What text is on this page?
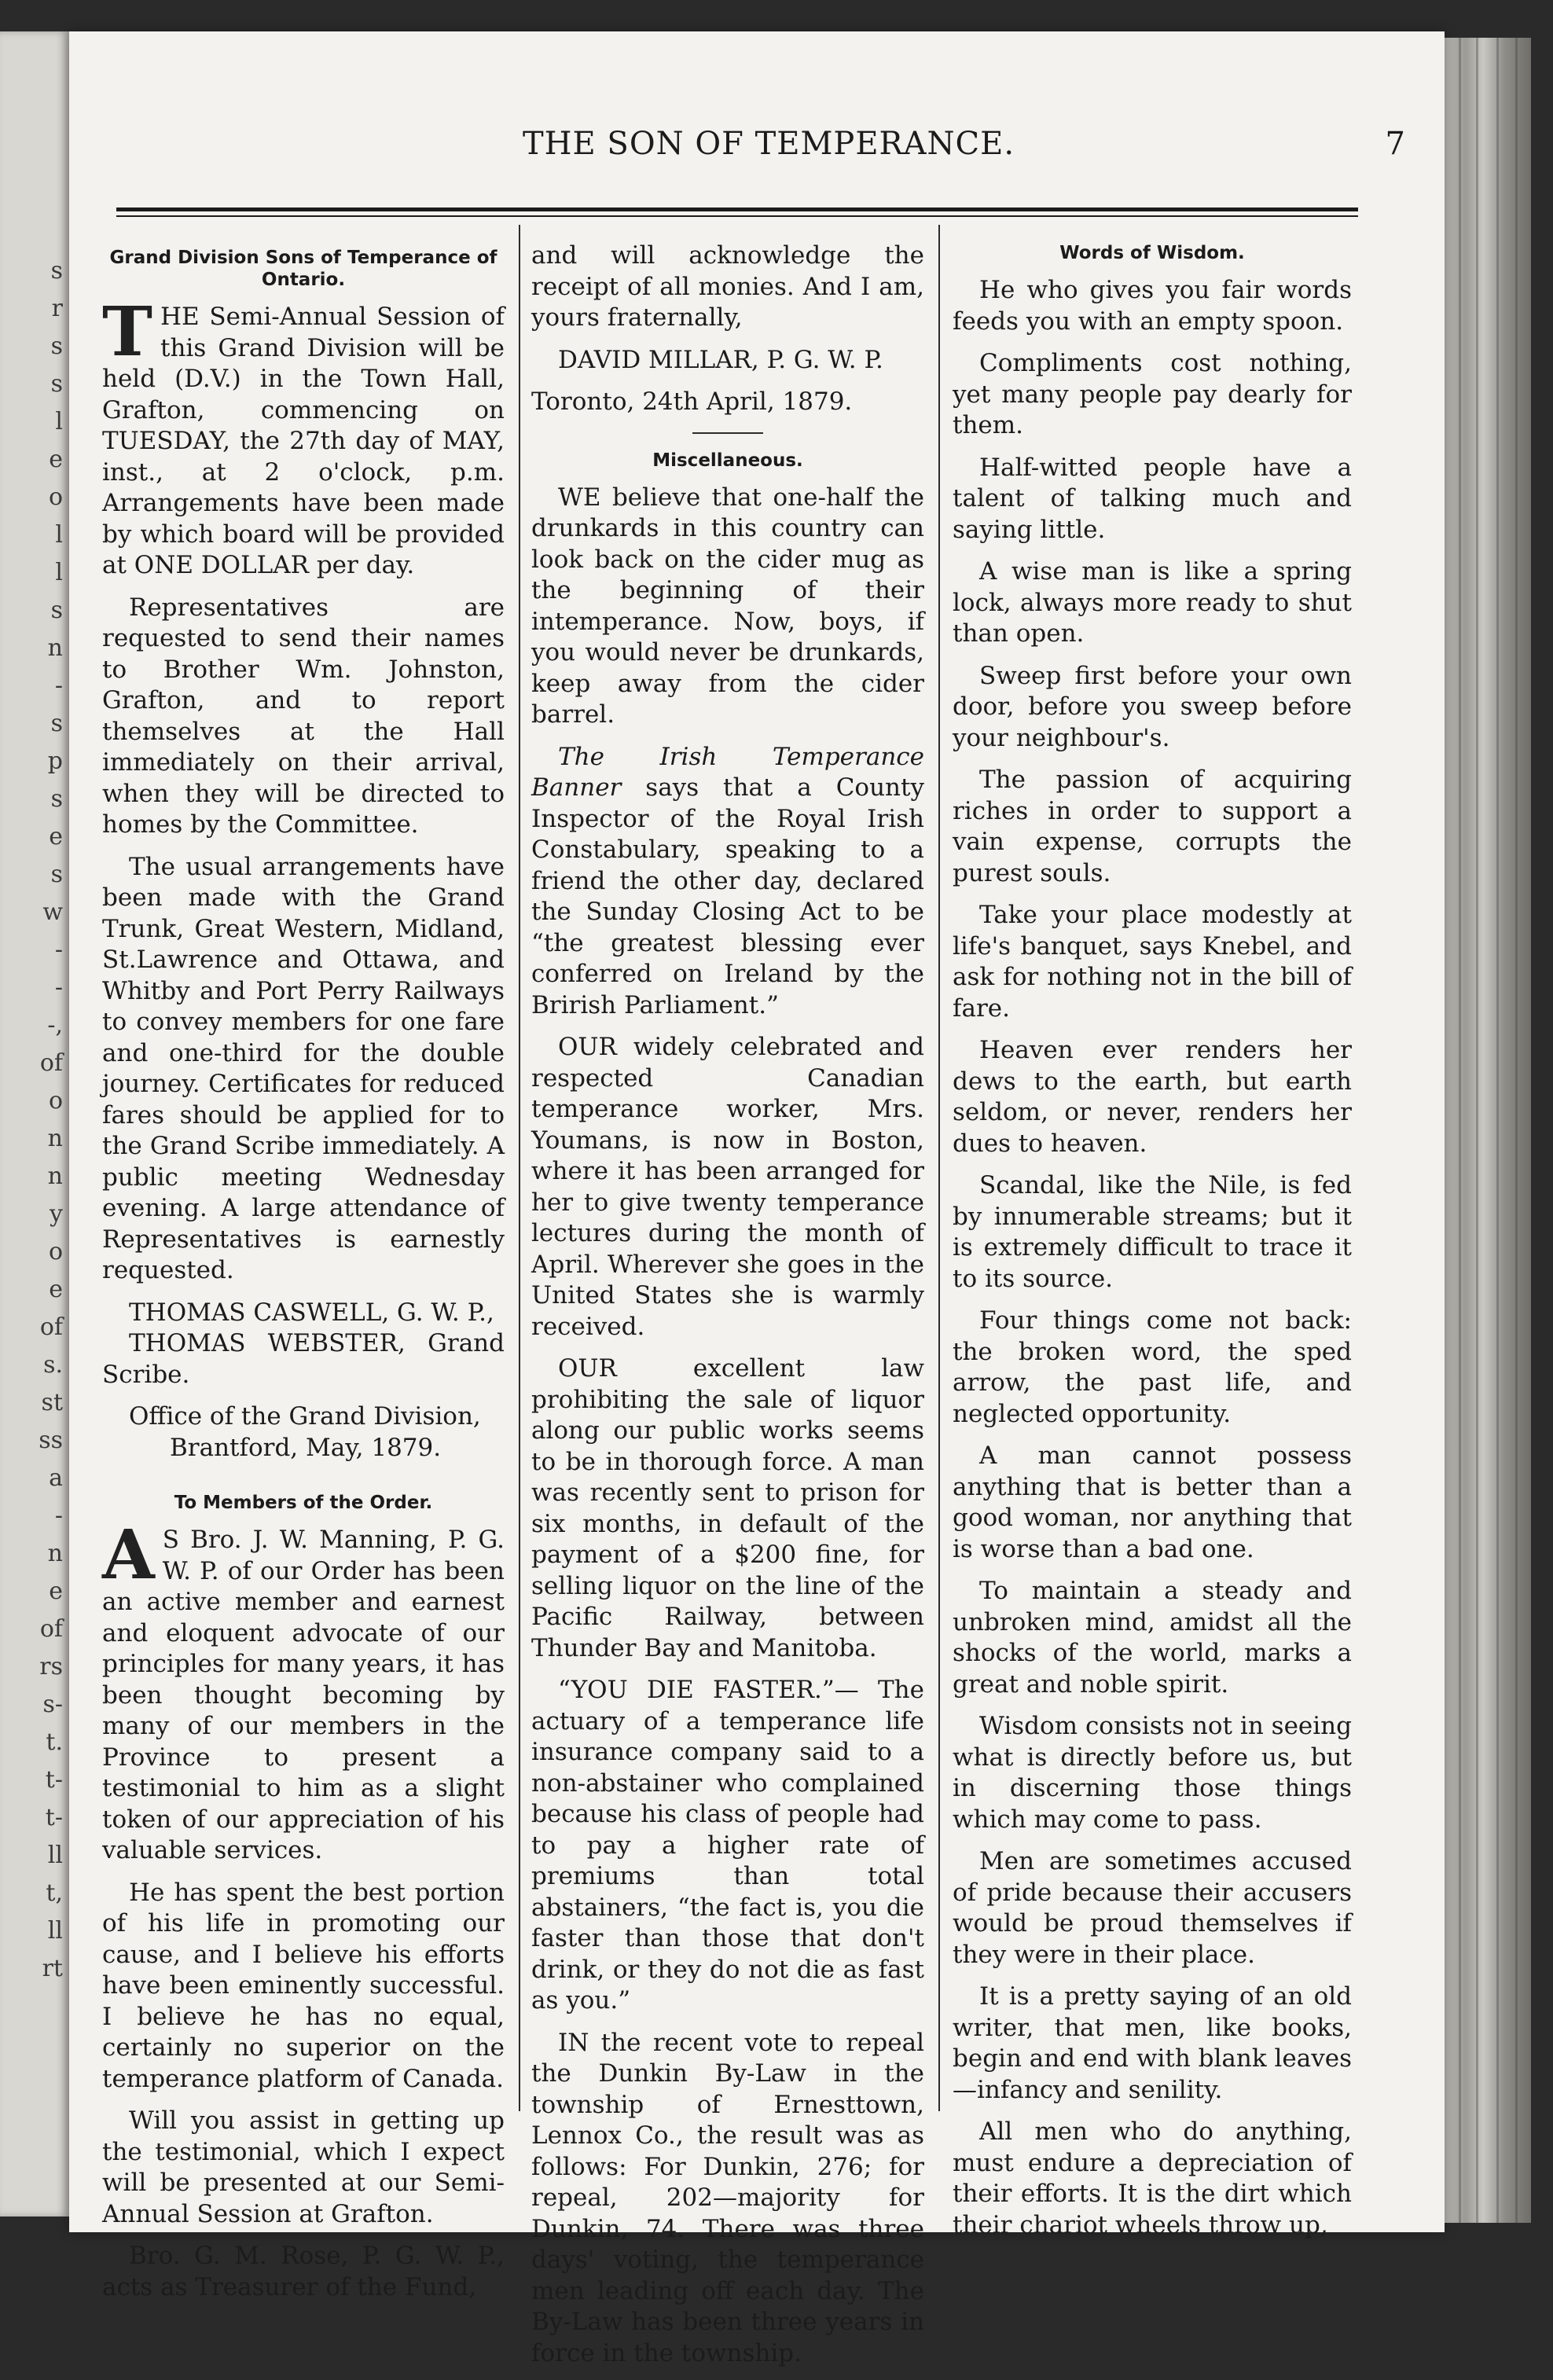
s
r
s
s
l
e
o
l
l
s
n
-
s
p
s
e
s
w
-
-
-,
of
o
n
n
y
o
e
of
s.
st
ss
a
-
n
e
of
rs
s-
t.
t-
t-
ll
t,
ll
rt
THE SON OF TEMPERANCE.	7
Grand Division Sons of Temperance of Ontario.

THE Semi-Annual Session of this Grand Division will be held (D.V.) in the Town Hall, Grafton, commencing on TUESDAY, the 27th day of MAY, inst., at 2 o'clock, p.m. Arrangements have been made by which board will be provided at ONE DOLLAR per day.

Representatives are requested to send their names to Brother Wm. Johnston, Grafton, and to report themselves at the Hall immediately on their arrival, when they will be directed to homes by the Committee.

The usual arrangements have been made with the Grand Trunk, Great Western, Midland, St.Lawrence and Ottawa, and Whitby and Port Perry Railways to convey members for one fare and one-third for the double journey. Certificates for reduced fares should be applied for to the Grand Scribe immediately. A public meeting Wednesday evening. A large attendance of Representatives is earnestly requested.

THOMAS CASWELL, G. W. P.,

THOMAS WEBSTER, Grand Scribe.

Office of the Grand Division,

Brantford, May, 1879.

To Members of the Order.

A S Bro. J. W. Manning, P. G. W. P. of our Order has been an active member and earnest and eloquent advocate of our principles for many years, it has been thought becoming by many of our members in the Province to present a testimonial to him as a slight token of our appreciation of his valuable services.

He has spent the best portion of his life in promoting our cause, and I believe his efforts have been eminently successful. I believe he has no equal, certainly no superior on the temperance platform of Canada.

Will you assist in getting up the testimonial, which I expect will be presented at our Semi-Annual Session at Grafton.

Bro. G. M. Rose, P. G. W. P., acts as Treasurer of the Fund,

and will acknowledge the receipt of all monies. And I am, yours fraternally,

DAVID MILLAR, P. G. W. P.

Toronto, 24th April, 1879.

Miscellaneous.

WE believe that one-half the drunkards in this country can look back on the cider mug as the beginning of their intemperance. Now, boys, if you would never be drunkards, keep away from the cider barrel.

The Irish Temperance Banner says that a County Inspector of the Royal Irish Constabulary, speaking to a friend the other day, declared the Sunday Closing Act to be “the greatest blessing ever conferred on Ireland by the Brirish Parliament.”

OUR widely celebrated and respected Canadian temperance worker, Mrs. Youmans, is now in Boston, where it has been arranged for her to give twenty temperance lectures during the month of April. Wherever she goes in the United States she is warmly received.

OUR excellent law prohibiting the sale of liquor along our public works seems to be in thorough force. A man was recently sent to prison for six months, in default of the payment of a $200 fine, for selling liquor on the line of the Pacific Railway, between Thunder Bay and Manitoba.

“YOU DIE FASTER.”— The actuary of a temperance life insurance company said to a non-abstainer who complained because his class of people had to pay a higher rate of premiums than total abstainers, “the fact is, you die faster than those that don't drink, or they do not die as fast as you.”

IN the recent vote to repeal the Dunkin By-Law in the township of Ernesttown, Lennox Co., the result was as follows: For Dunkin, 276; for repeal, 202—majority for Dunkin, 74. There was three days' voting, the temperance men leading off each day. The By-Law has been three years in force in the township.

Words of Wisdom.

He who gives you fair words feeds you with an empty spoon.

Compliments cost nothing, yet many people pay dearly for them.

Half-witted people have a talent of talking much and saying little.

A wise man is like a spring lock, always more ready to shut than open.

Sweep first before your own door, before you sweep before your neighbour's.

The passion of acquiring riches in order to support a vain expense, corrupts the purest souls.

Take your place modestly at life's banquet, says Knebel, and ask for nothing not in the bill of fare.

Heaven ever renders her dews to the earth, but earth seldom, or never, renders her dues to heaven.

Scandal, like the Nile, is fed by innumerable streams; but it is extremely difficult to trace it to its source.

Four things come not back: the broken word, the sped arrow, the past life, and neglected opportunity.

A man cannot possess anything that is better than a good woman, nor anything that is worse than a bad one.

To maintain a steady and unbroken mind, amidst all the shocks of the world, marks a great and noble spirit.

Wisdom consists not in seeing what is directly before us, but in discerning those things which may come to pass.

Men are sometimes accused of pride because their accusers would be proud themselves if they were in their place.

It is a pretty saying of an old writer, that men, like books, begin and end with blank leaves—infancy and senility.

All men who do anything, must endure a depreciation of their efforts. It is the dirt which their chariot wheels throw up,
